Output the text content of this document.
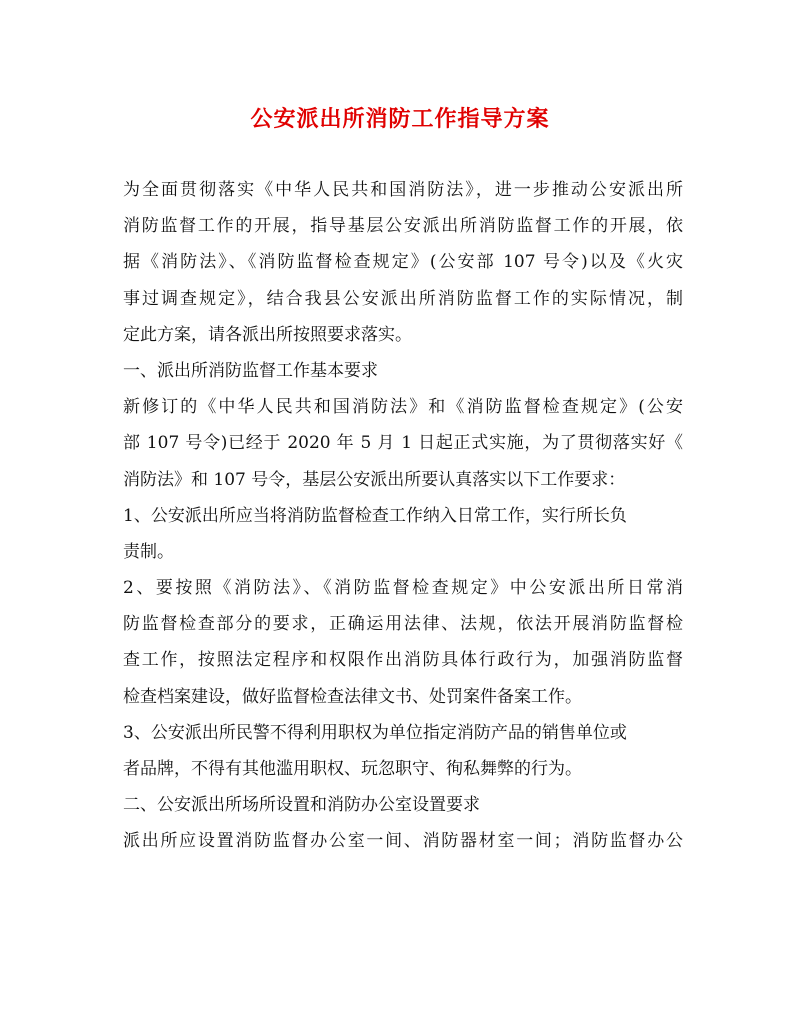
公安派出所消防工作指导方案
为全面贯彻落实《中华人民共和国消防法》，进一步推动公安派出所
消防监督工作的开展，指导基层公安派出所消防监督工作的开展，依
据《消防法》、《消防监督检查规定》(公安部 107 号令)以及《火灾
事过调查规定》，结合我县公安派出所消防监督工作的实际情况，制
定此方案，请各派出所按照要求落实。
一、派出所消防监督工作基本要求
新修订的《中华人民共和国消防法》和《消防监督检查规定》(公安
部 107 号令)已经于 2020 年 5 月 1 日起正式实施，为了贯彻落实好《
消防法》和 107 号令，基层公安派出所要认真落实以下工作要求：
1、公安派出所应当将消防监督检查工作纳入日常工作，实行所长负
责制。
2、要按照《消防法》、《消防监督检查规定》中公安派出所日常消
防监督检查部分的要求，正确运用法律、法规，依法开展消防监督检
查工作，按照法定程序和权限作出消防具体行政行为，加强消防监督
检查档案建设，做好监督检查法律文书、处罚案件备案工作。
3、公安派出所民警不得利用职权为单位指定消防产品的销售单位或
者品牌，不得有其他滥用职权、玩忽职守、徇私舞弊的行为。
二、公安派出所场所设置和消防办公室设置要求
派出所应设置消防监督办公室一间、消防器材室一间；消防监督办公
